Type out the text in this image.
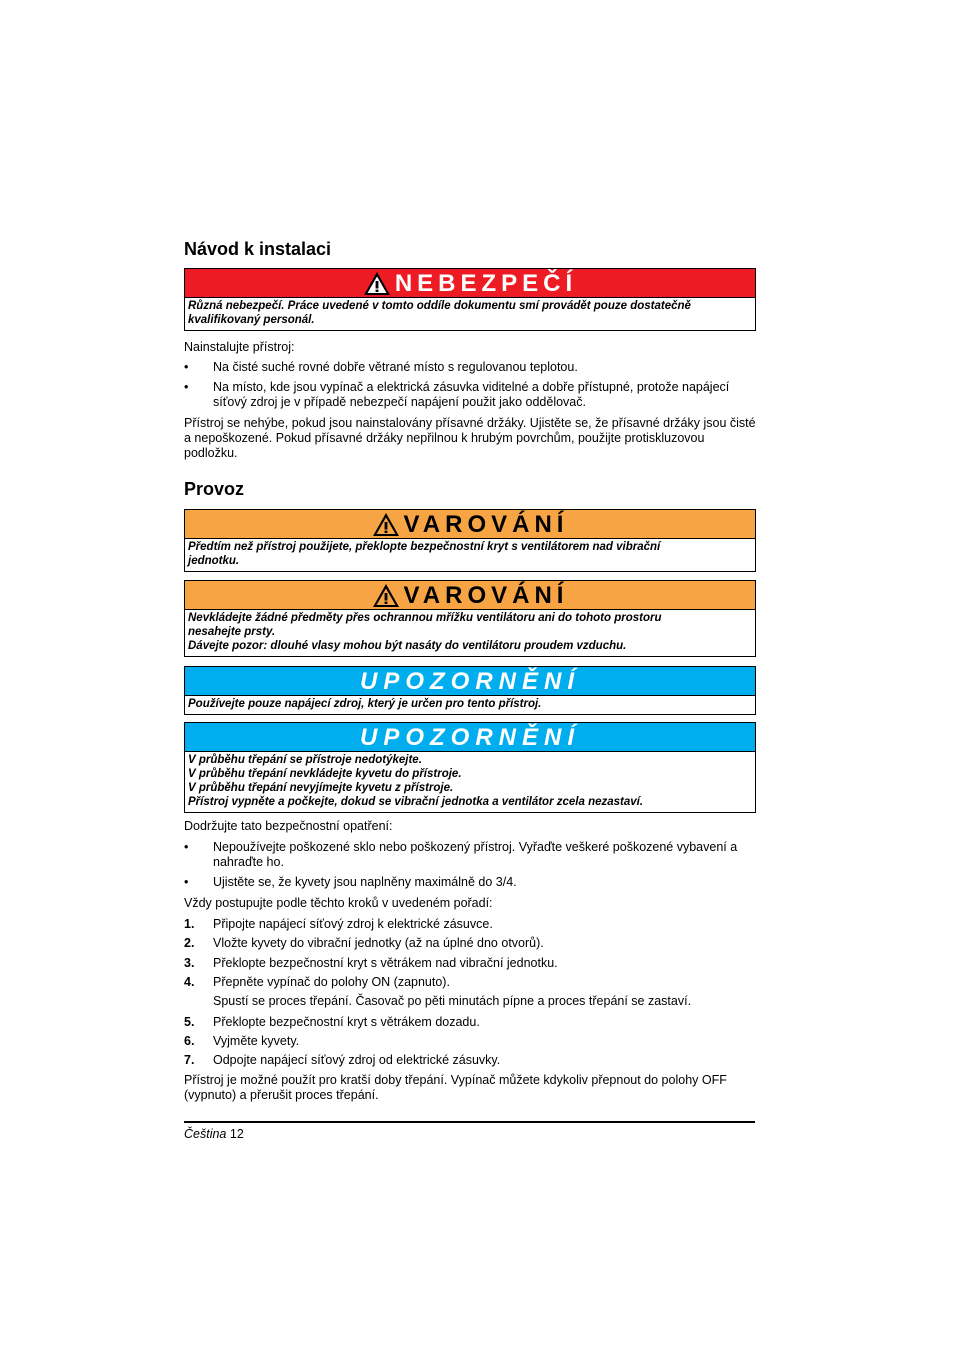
Návod k instalaci
NEBEZPEČÍ

Různá nebezpečí. Práce uvedené v tomto oddíle dokumentu smí provádět pouze dostatečně

kvalifikovaný personál.

Nainstalujte přístroj:

• Na čisté suché rovné dobře větrané místo s regulovanou teplotou.
• Na místo, kde jsou vypínač a elektrická zásuvka viditelné a dobře přístupné, protože napájecí síťový zdroj je v případě nebezpečí napájení použit jako oddělovač.

Přístroj se nehýbe, pokud jsou nainstalovány přísavné držáky. Ujistěte se, že přísavné držáky jsou čisté a nepoškozené. Pokud přísavné držáky nepřilnou k hrubým povrchům, použijte protiskluzovou podložku.

Provoz
VAROVÁNÍ

Předtím než přístroj použijete, překlopte bezpečnostní kryt s ventilátorem nad vibrační

jednotku.

VAROVÁNÍ

Nevkládejte žádné předměty přes ochrannou mřížku ventilátoru ani do tohoto prostoru

nesahejte prsty.

Dávejte pozor: dlouhé vlasy mohou být nasáty do ventilátoru proudem vzduchu.

UPOZORNĚNÍ

Používejte pouze napájecí zdroj, který je určen pro tento přístroj.

UPOZORNĚNÍ

V průběhu třepání se přístroje nedotýkejte.

V průběhu třepání nevkládejte kyvetu do přístroje.

V průběhu třepání nevyjímejte kyvetu z přístroje.

Přístroj vypněte a počkejte, dokud se vibrační jednotka a ventilátor zcela nezastaví.

Dodržujte tato bezpečnostní opatření:

• Nepoužívejte poškozené sklo nebo poškozený přístroj. Vyřaďte veškeré poškozené vybavení a nahraďte ho.
• Ujistěte se, že kyvety jsou naplněny maximálně do 3/4.

Vždy postupujte podle těchto kroků v uvedeném pořadí:

1. Připojte napájecí síťový zdroj k elektrické zásuvce.
2. Vložte kyvety do vibrační jednotky (až na úplné dno otvorů).
3. Překlopte bezpečnostní kryt s větrákem nad vibrační jednotku.
4. Přepněte vypínač do polohy ON (zapnuto).
Spustí se proces třepání. Časovač po pěti minutách pípne a proces třepání se zastaví.
5. Překlopte bezpečnostní kryt s větrákem dozadu.
6. Vyjměte kyvety.
7. Odpojte napájecí síťový zdroj od elektrické zásuvky.

Přístroj je možné použít pro kratší doby třepání. Vypínač můžete kdykoliv přepnout do polohy OFF (vypnuto) a přerušit proces třepání.

Čeština 12
